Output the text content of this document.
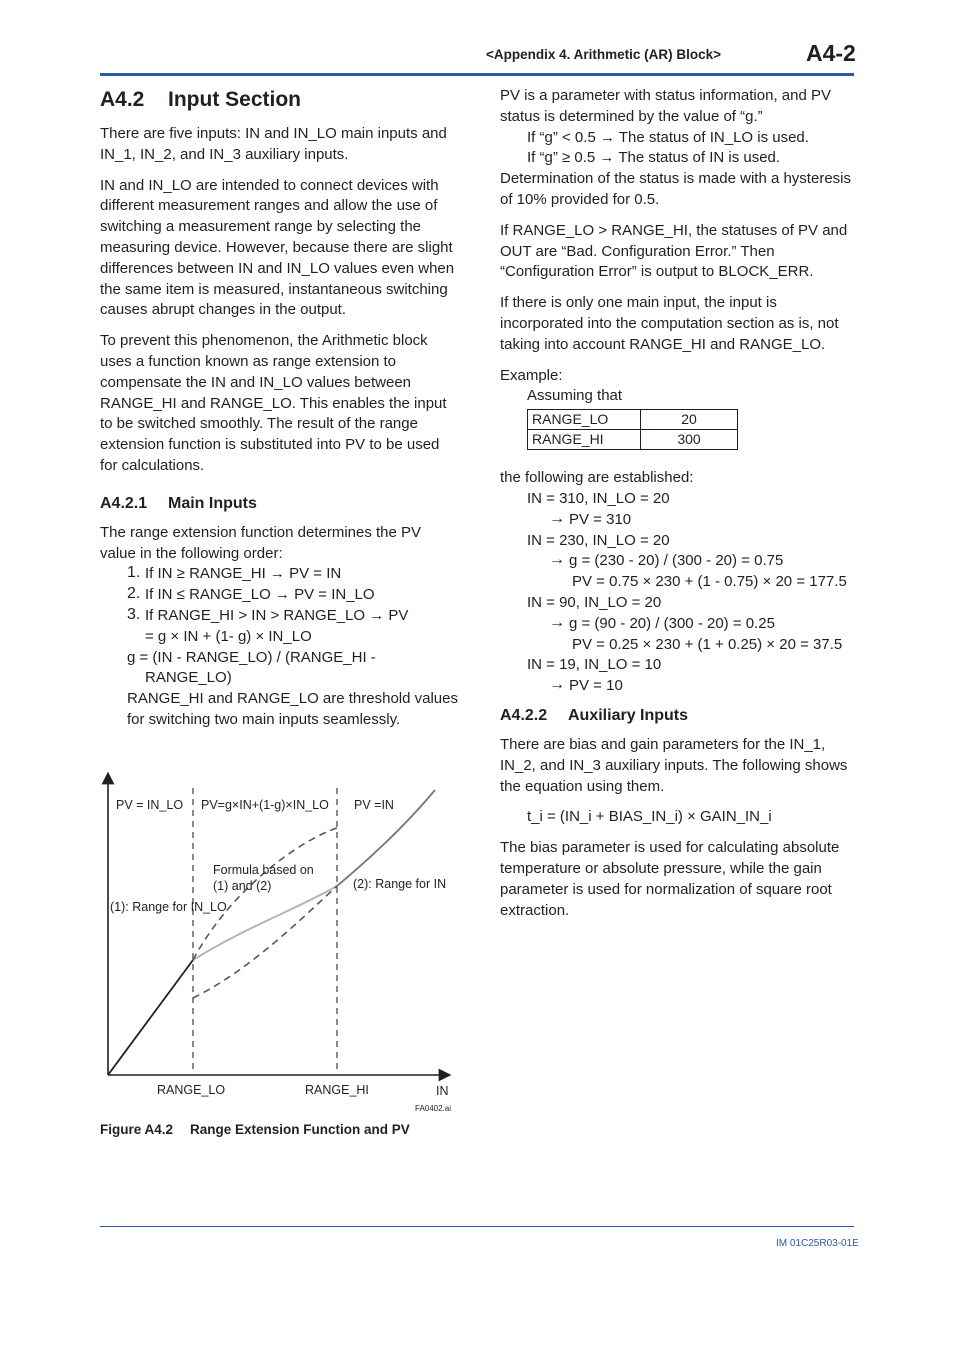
<Appendix 4. Arithmetic (AR) Block>	A4-2
A4.2 Input Section

There are five inputs: IN and IN_LO main inputs and IN_1, IN_2, and IN_3 auxiliary inputs.

IN and IN_LO are intended to connect devices with different measurement ranges and allow the use of switching a measurement range by selecting the measuring device. However, because there are slight differences between IN and IN_LO values even when the same item is measured, instantaneous switching causes abrupt changes in the output.

To prevent this phenomenon, the Arithmetic block uses a function known as range extension to compensate the IN and IN_LO values between RANGE_HI and RANGE_LO. This enables the input to be switched smoothly. The result of the range extension function is substituted into PV to be used for calculations.

A4.2.1 Main Inputs

The range extension function determines the PV value in the following order:

1. If IN ≥ RANGE_HI → PV = IN

2. If IN ≤ RANGE_LO → PV = IN_LO

3. If RANGE_HI > IN > RANGE_LO → PV

= g × IN + (1- g) × IN_LO

g = (IN - RANGE_LO) / (RANGE_HI - RANGE_LO)

RANGE_HI and RANGE_LO are threshold values for switching two main inputs seamlessly.

PV = IN_LO PV=g×IN+(1-g)×IN_LO PV =IN
Formula based on
(1) and (2)	(2): Range for IN
(1): Range for IN_LO
RANGE_LO	RANGE_HI	IN
FA0402.ai
Figure A4.2 Range Extension Function and PV

PV is a parameter with status information, and PV status is determined by the value of “g.”

If “g” < 0.5 → The status of IN_LO is used.

If “g” ≥ 0.5 → The status of IN is used.

Determination of the status is made with a hysteresis of 10% provided for 0.5.

If RANGE_LO > RANGE_HI, the statuses of PV and OUT are “Bad. Configuration Error.” Then “Configuration Error” is output to BLOCK_ERR.

If there is only one main input, the input is incorporated into the computation section as is, not taking into account RANGE_HI and RANGE_LO.

Example:

Assuming that

RANGE_LO	20
RANGE_HI	300

the following are established:

IN = 310, IN_LO = 20

→ PV = 310

IN = 230, IN_LO = 20

→ g = (230 - 20) / (300 - 20) = 0.75

PV = 0.75 × 230 + (1 - 0.75) × 20 = 177.5

IN = 90, IN_LO = 20

→ g = (90 - 20) / (300 - 20) = 0.25

PV = 0.25 × 230 + (1 + 0.25) × 20 = 37.5

IN = 19, IN_LO = 10

→ PV = 10

A4.2.2 Auxiliary Inputs

There are bias and gain parameters for the IN_1, IN_2, and IN_3 auxiliary inputs. The following shows the equation using them.

t_i = (IN_i + BIAS_IN_i) × GAIN_IN_i

The bias parameter is used for calculating absolute temperature or absolute pressure, while the gain parameter is used for normalization of square root extraction.

IM 01C25R03-01E
